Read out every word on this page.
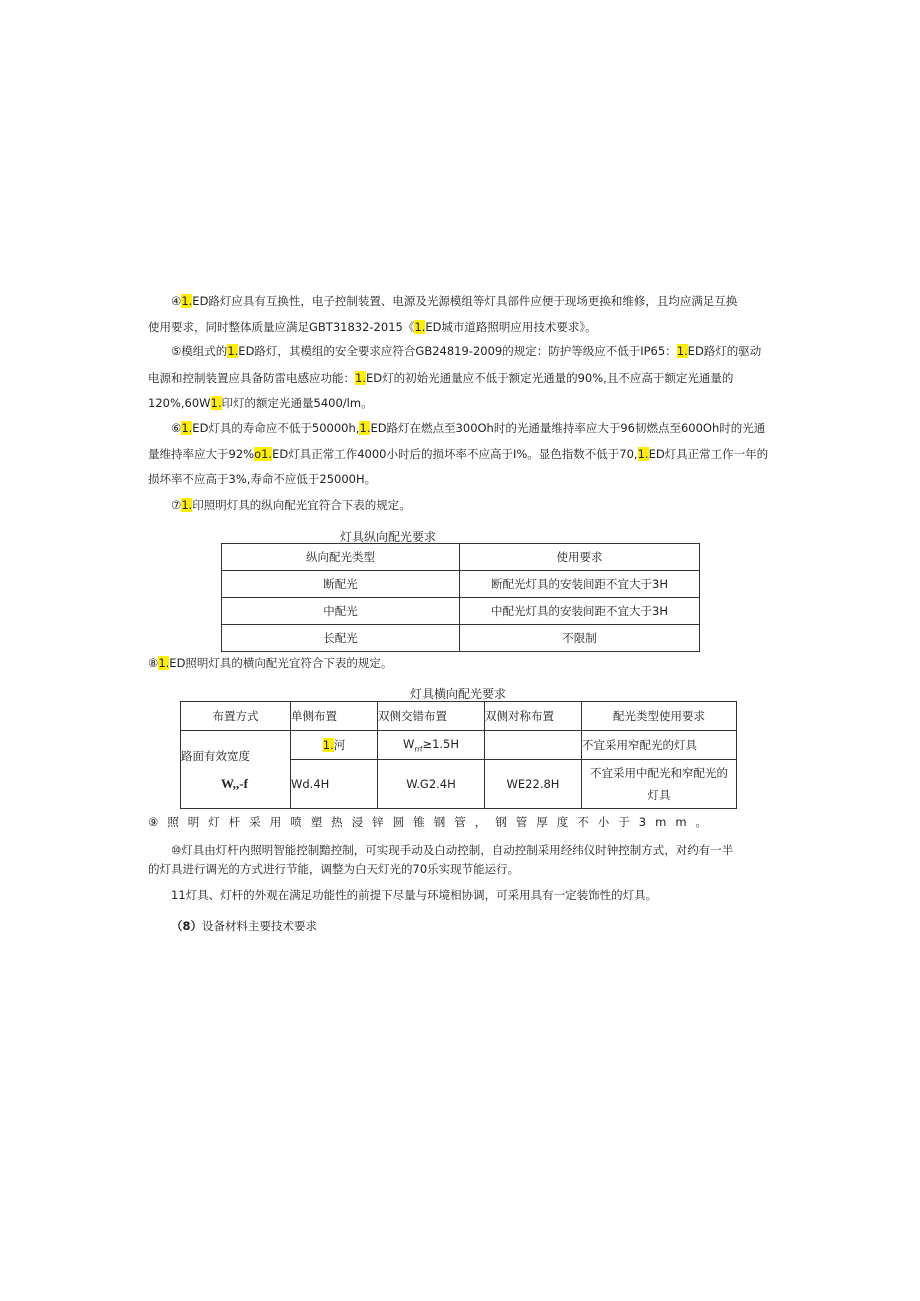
④1.ED路灯应具有互换性，电子控制装置、电源及光源模组等灯具部件应便于现场更换和维修，且均应满足互换
使用要求，同时整体质量应满足GBT31832-2015《1.ED城市道路照明应用技术要求》。
⑤模组式的1.ED路灯，其模组的安全要求应符合GB24819-2009的规定：防护等级应不低于IP65：1.ED路灯的驱动
电源和控制装置应具备防雷电感应功能：1.ED灯的初始光通量应不低于额定光通量的90%,且不应高于额定光通量的
120%,60W1.印灯的额定光通量5400/lm。
⑥1.ED灯具的寿命应不低于50000h,1.ED路灯在燃点至300Oh时的光通量维持率应大于96韧燃点至600Oh时的光通
量维持率应大于92%o1.ED灯具正常工作4000小时后的损坏率不应高于I%。显色指数不低于70,1.ED灯具正常工作一年的
损坏率不应高于3%,寿命不应低于25000H。
⑦1.印照明灯具的纵向配光宜符合下表的规定。
灯具纵向配光要求
纵向配光类型	使用要求
断配光	断配光灯具的安装间距不宜大于3H
中配光	中配光灯具的安装间距不宜大于3H
长配光	不限制
⑧1.ED照明灯具的横向配光宜符合下表的规定。
灯具横向配光要求
布置方式	单侧布置	双侧交错布置	双侧对称布置	配光类型使用要求

路面有效宽度
W,,-f	1.河	$W_{rrf}\ge 1.5H$		不宜采用窄配光的灯具
	Wd.4H	W.G2.4H	WE22.8H	不宜采用中配光和窄配光的
灯具
⑨照明灯杆采用喷塑热浸锌圆锥钢管，钢管厚度不小于3mm。
⑩灯具由灯杆内照明智能控制黯控制，可实现手动及白动控制，自动控制采用经纬仪时钟控制方式，对约有一半
的灯具进行调光的方式进行节能，调整为白天灯光的70乐实现节能运行。
11灯具、灯杆的外观在满足功能性的前提下尽量与环境相协调，可采用具有一定装饰性的灯具。
（8）设备材料主要技术要求
